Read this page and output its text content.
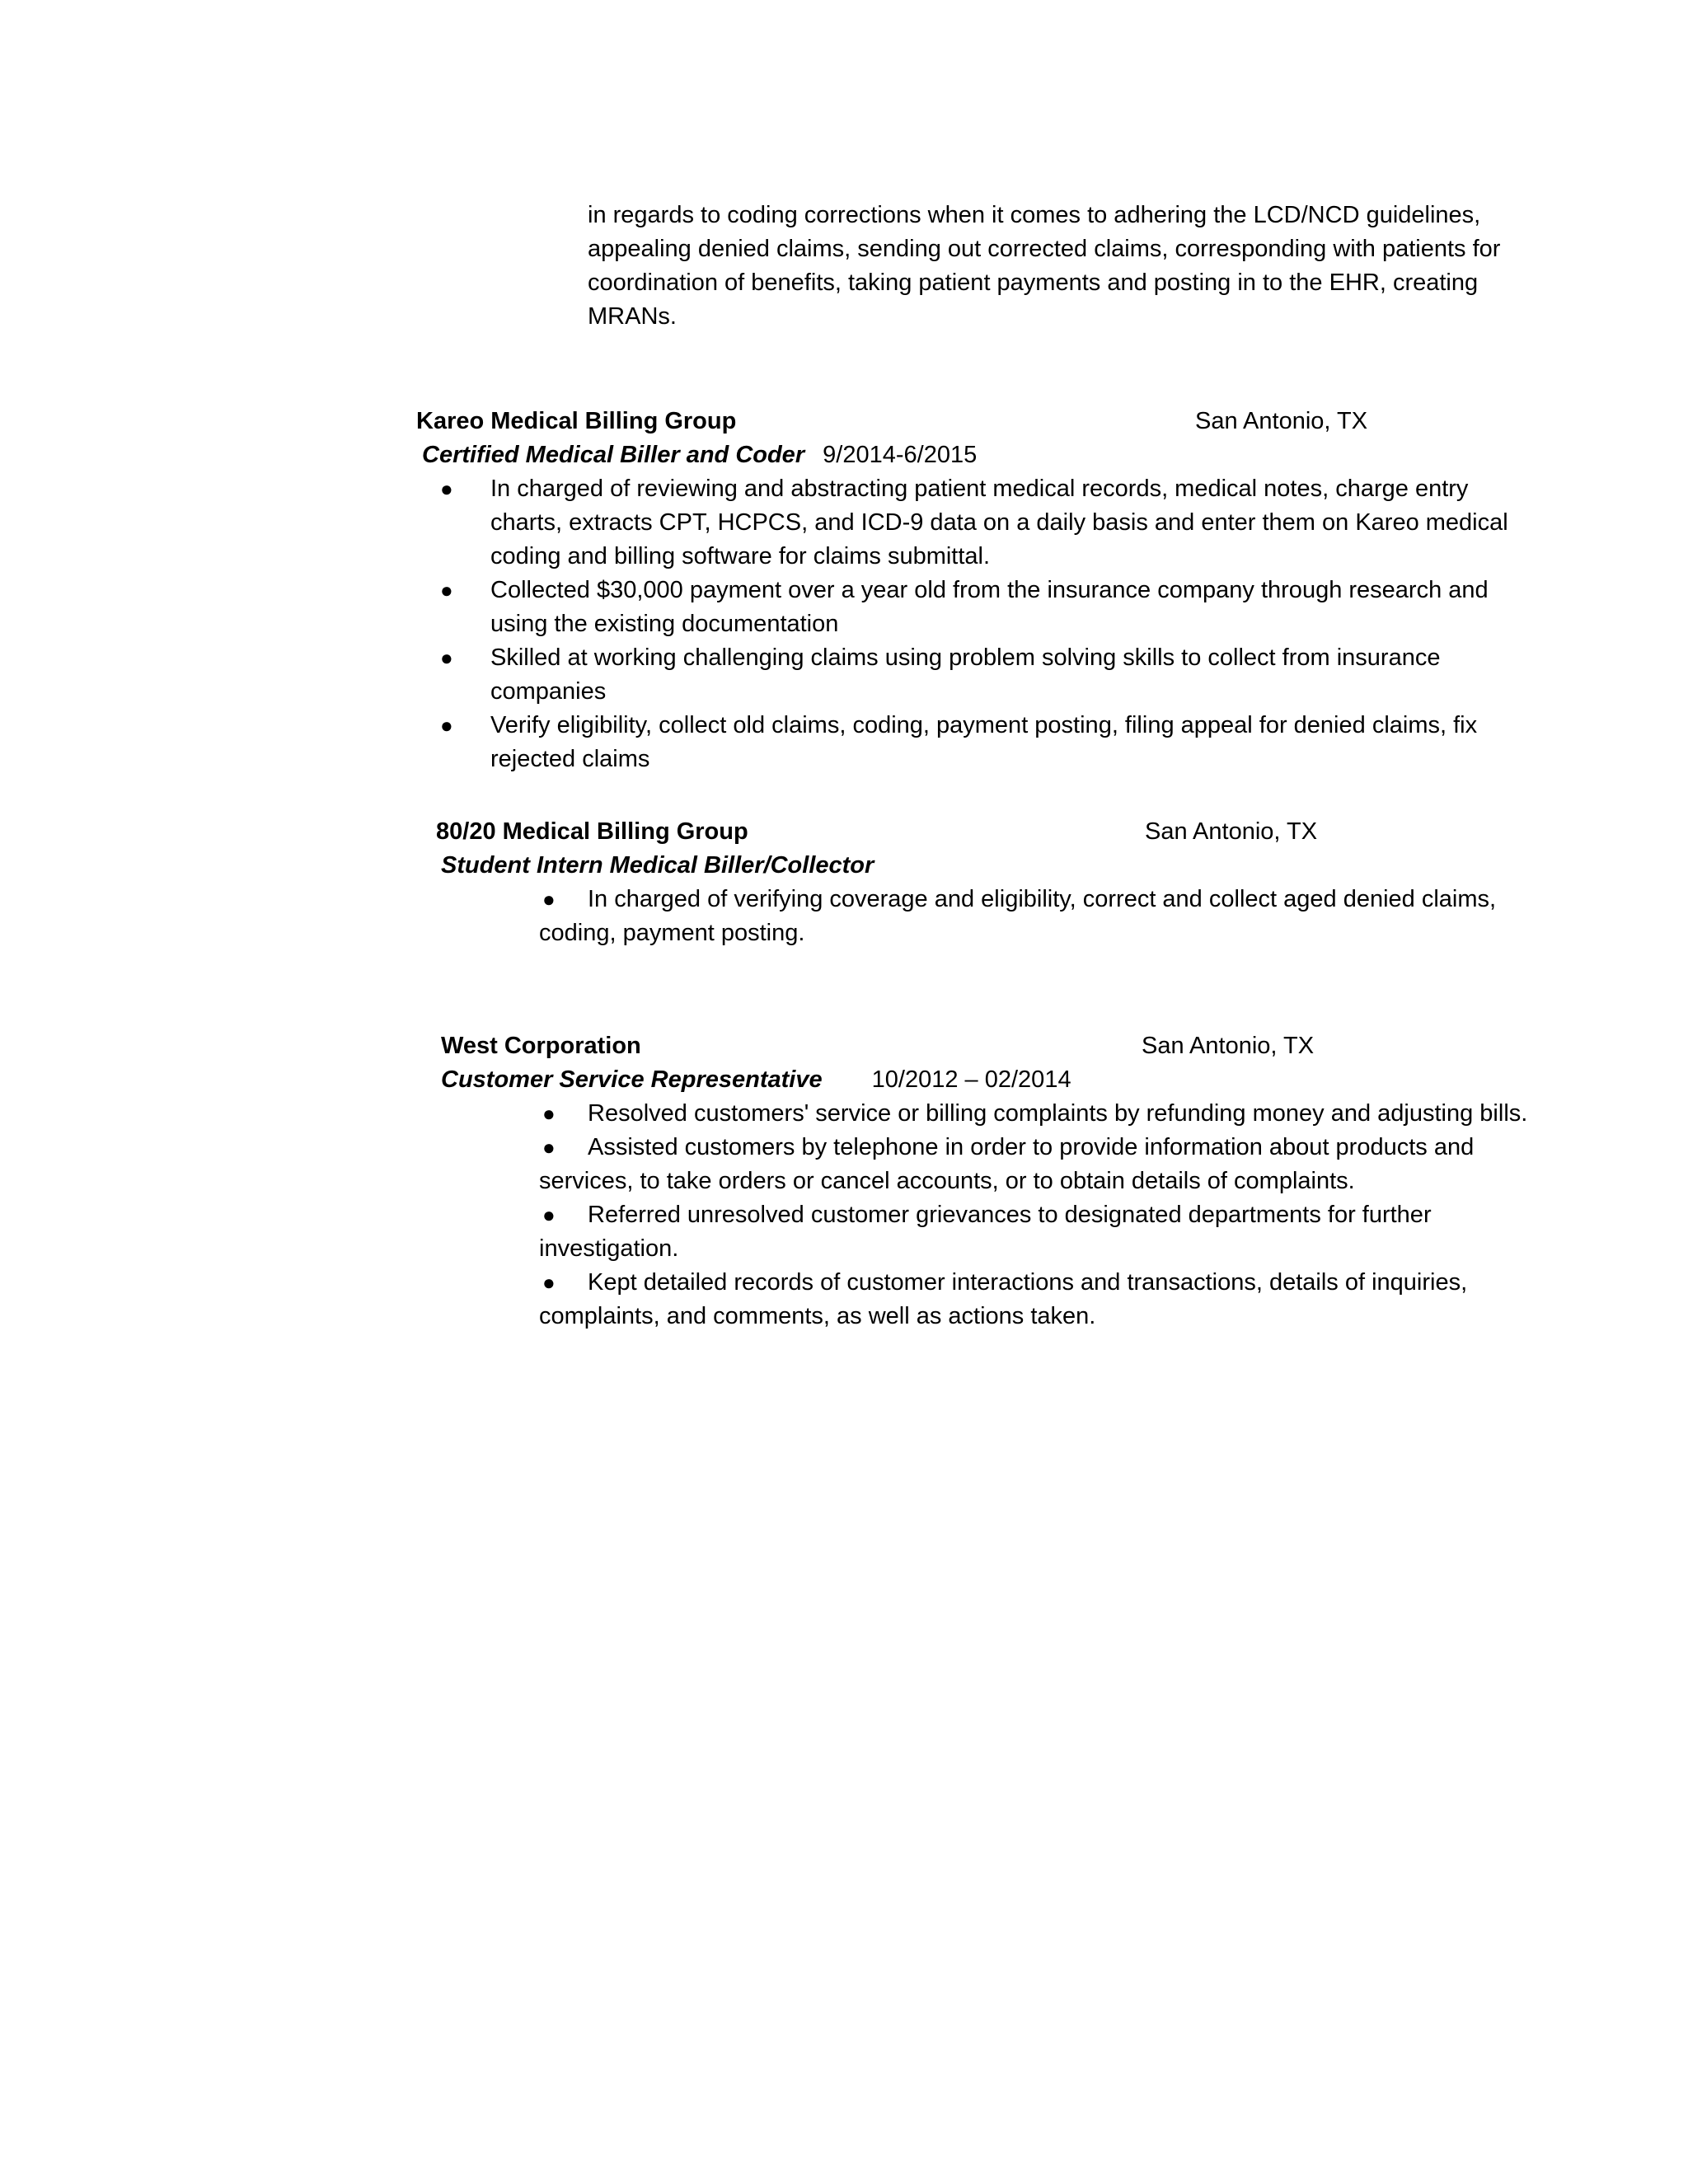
in regards to coding corrections when it comes to adhering the LCD/NCD guidelines,

appealing denied claims, sending out corrected claims, corresponding with patients for

coordination of benefits, taking patient payments and posting in to the EHR, creating

MRANs.

Kareo Medical Billing Group	San Antonio, TX
Certified Medical Biller and Coder 9/2014-6/2015
● In charged of reviewing and abstracting patient medical records, medical notes, charge entry

charts, extracts CPT, HCPCS, and ICD-9 data on a daily basis and enter them on Kareo medical

coding and billing software for claims submittal.

● Collected $30,000 payment over a year old from the insurance company through research and

using the existing documentation

● Skilled at working challenging claims using problem solving skills to collect from insurance

companies

● Verify eligibility, collect old claims, coding, payment posting, filing appeal for denied claims, fix

rejected claims

80/20 Medical Billing Group	San Antonio, TX
Student Intern Medical Biller/Collector
●	In charged of verifying coverage and eligibility, correct and collect aged denied claims,

coding, payment posting.

West Corporation	San Antonio, TX
Customer Service Representative 10/2012 – 02/2014
●	Resolved customers' service or billing complaints by refunding money and adjusting bills.

●	Assisted customers by telephone in order to provide information about products and

services, to take orders or cancel accounts, or to obtain details of complaints.

●	Referred unresolved customer grievances to designated departments for further

investigation.

●	Kept detailed records of customer interactions and transactions, details of inquiries,

complaints, and comments, as well as actions taken.
